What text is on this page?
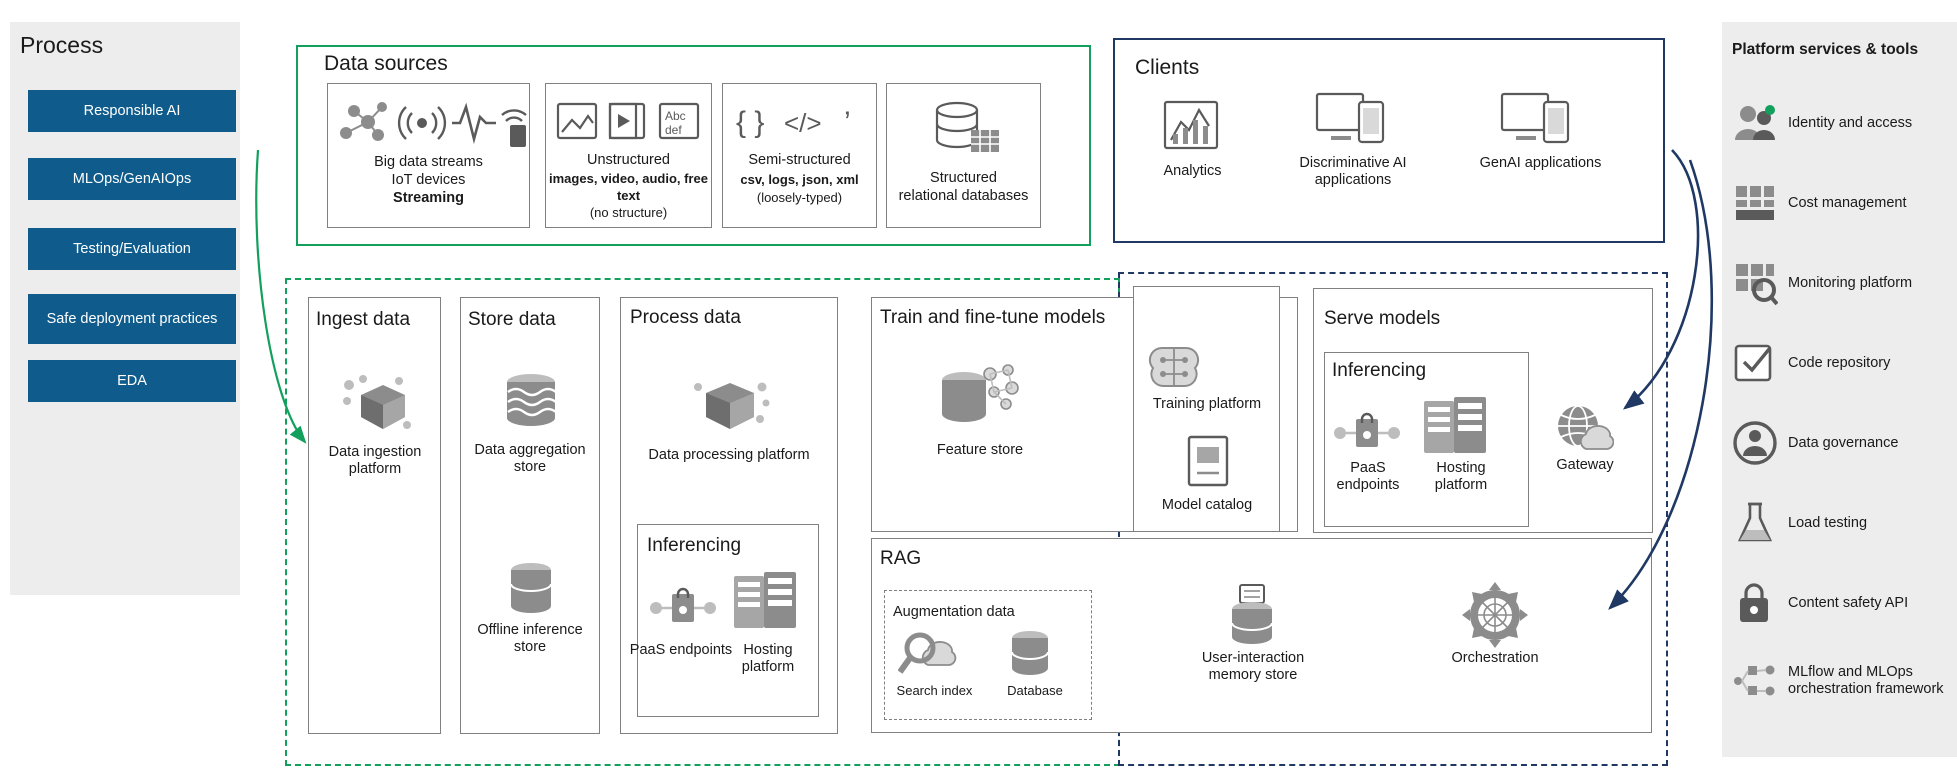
Process
Responsible AI
MLOps/GenAIOps
Testing/Evaluation
Safe deployment practices
EDA
Data sources
Big data streams
IoT devices
Streaming
Abc
def
Unstructured
images, video, audio, free text
(no structure)
{ } </> ’
Semi-structured
csv, logs, json, xml
(loosely-typed)
Structured
relational databases
Clients
Analytics	Discriminative AI applications
GenAI applications
Ingest data
Data ingestion platform
Store data
Data aggregation store
Offline inference store
Process data
Data processing platform
Inferencing
PaaS endpoints Hosting platform
Train and fine-tune models
Feature store
Training platform
Model catalog
Serve models
Inferencing
PaaS endpoints
Hosting platform
Gateway
RAG
Augmentation data
Search index	Database
User-interaction memory store
Orchestration
Platform services & tools
Identity and access
Cost management
Monitoring platform
Code repository
Data governance
Load testing
Content safety API
MLflow and MLOps orchestration framework
